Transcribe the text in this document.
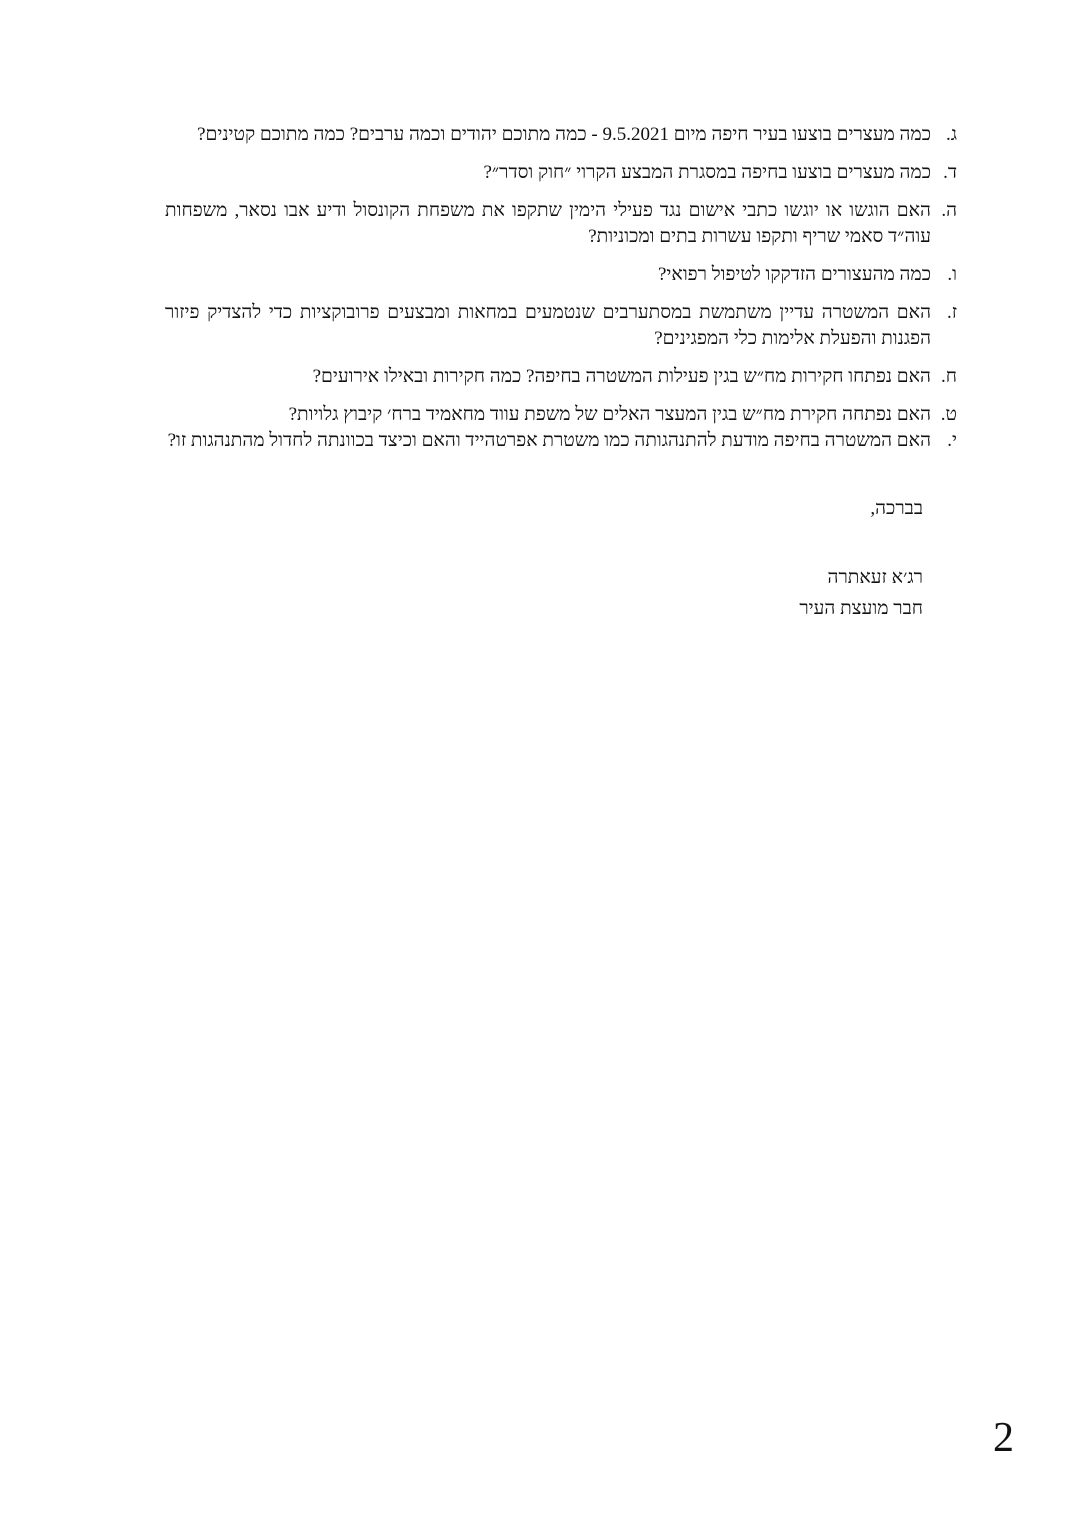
ג.
כמה מעצרים בוצעו בעיר חיפה מיום 9.5.2021 - כמה מתוכם יהודים וכמה ערבים? כמה מתוכם קטינים?
ד.
כמה מעצרים בוצעו בחיפה במסגרת המבצע הקרוי ״חוק וסדר״?
ה.
האם הוגשו או יוגשו כתבי אישום נגד פעילי הימין שתקפו את משפחת הקונסול ודיע אבו נסאר, משפחות עוה״ד סאמי שריף ותקפו עשרות בתים ומכוניות?
ו.
כמה מהעצורים הזדקקו לטיפול רפואי?
ז.
האם המשטרה עדיין משתמשת במסתערבים שנטמעים במחאות ומבצעים פרובוקציות כדי להצדיק פיזור הפגנות והפעלת אלימות כלי המפגינים?
ח.
האם נפתחו חקירות מח״ש בגין פעילות המשטרה בחיפה? כמה חקירות ובאילו אירועים?
ט.
האם נפתחה חקירת מח״ש בגין המעצר האלים של משפת עווד מחאמיד ברח׳ קיבוץ גלויות?
י.
האם המשטרה בחיפה מודעת להתנהגותה כמו משטרת אפרטהייד והאם וכיצד בכוונתה לחדול מהתנהגות זו?
בברכה,
רג׳א זעאתרה
חבר מועצת העיר
2
